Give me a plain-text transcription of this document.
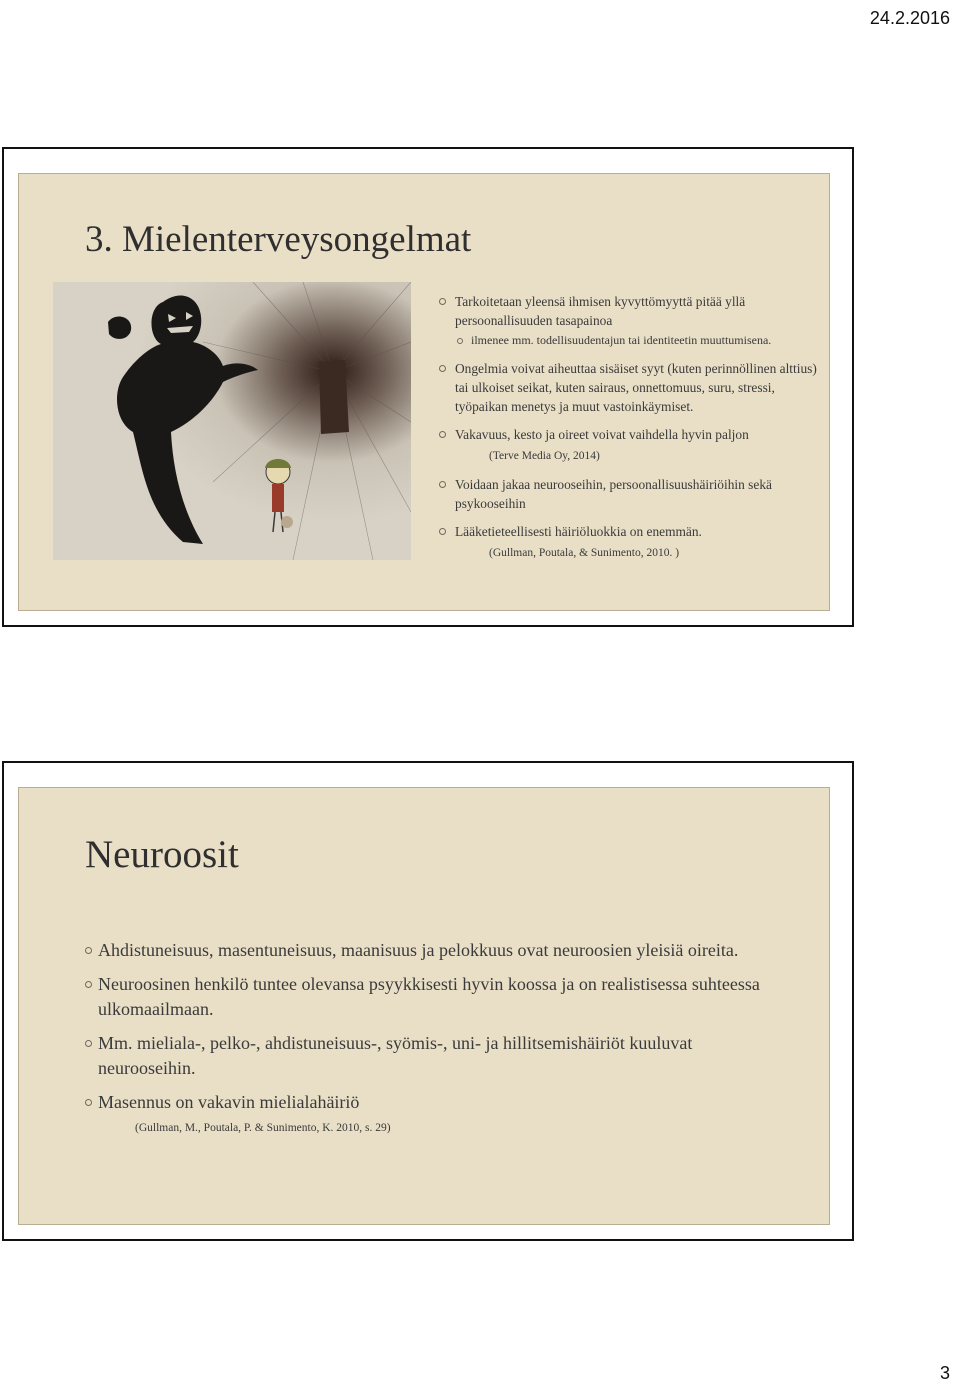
24.2.2016
3. Mielenterveysongelmat
Tarkoitetaan yleensä ihmisen kyvyttömyyttä pitää yllä persoonallisuuden tasapainoa
ilmenee mm. todellisuudentajun tai identiteetin muuttumisena.
Ongelmia voivat aiheuttaa sisäiset syyt (kuten perinnöllinen alttius) tai ulkoiset seikat, kuten sairaus, onnettomuus, suru, stressi, työpaikan menetys ja muut vastoinkäymiset.
Vakavuus, kesto ja oireet voivat vaihdella hyvin paljon
(Terve Media Oy, 2014)
Voidaan jakaa neurooseihin, persoonallisuushäiriöihin sekä psykooseihin
Lääketieteellisesti häiriöluokkia on enemmän.
(Gullman, Poutala, & Sunimento, 2010. )
Neuroosit
Ahdistuneisuus, masentuneisuus, maanisuus ja pelokkuus ovat neuroosien yleisiä oireita.
Neuroosinen henkilö tuntee olevansa psyykkisesti hyvin koossa ja on realistisessa suhteessa ulkomaailmaan.
Mm. mieliala-, pelko-, ahdistuneisuus-, syömis-, uni- ja hillitsemishäiriöt kuuluvat neurooseihin.
Masennus on vakavin mielialahäiriö
(Gullman, M., Poutala, P. & Sunimento, K. 2010, s. 29)
3
